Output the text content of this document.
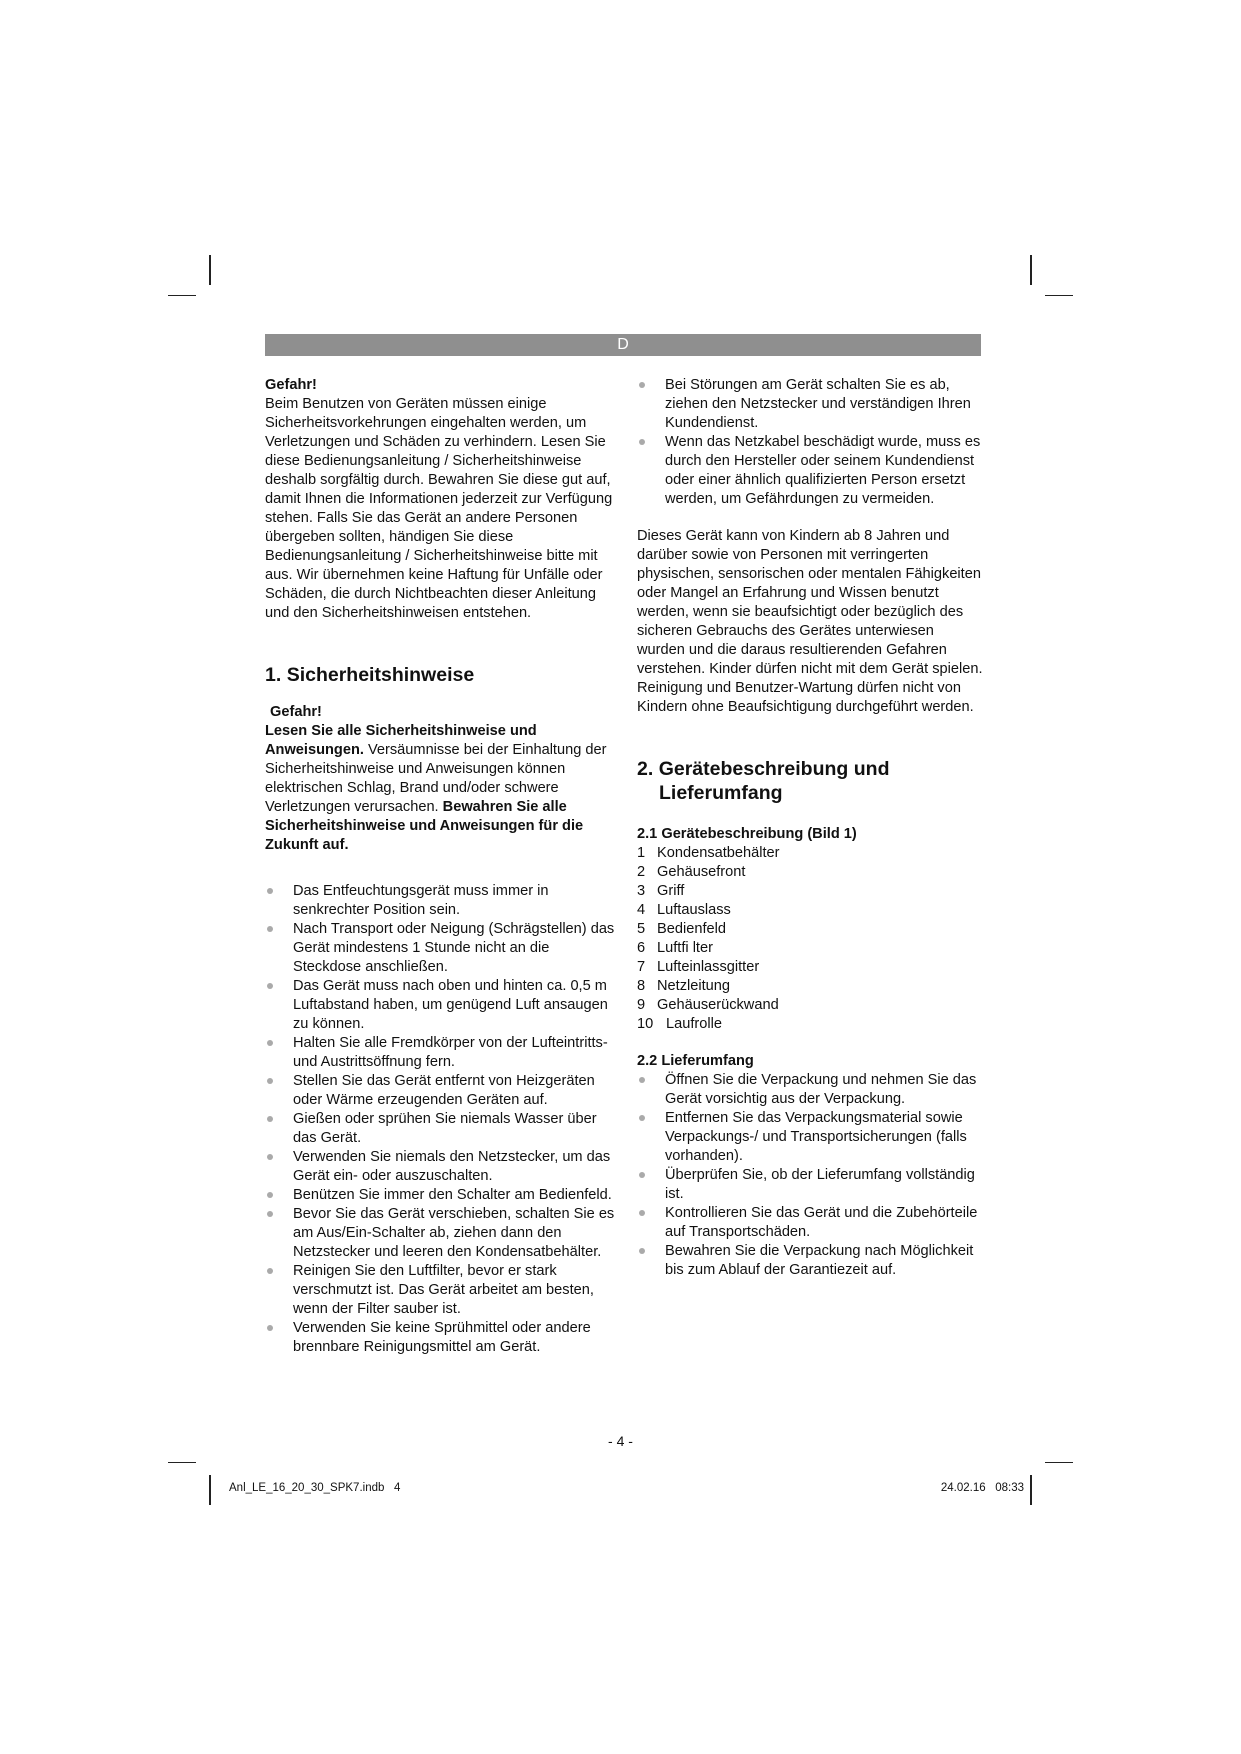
D

Gefahr!

Beim Benutzen von Geräten müssen einige Sicherheitsvorkehrungen eingehalten werden, um Verletzungen und Schäden zu verhindern. Lesen Sie diese Bedienungsanleitung / Sicherheitshinweise deshalb sorgfältig durch. Bewahren Sie diese gut auf, damit Ihnen die Informationen jederzeit zur Verfügung stehen. Falls Sie das Gerät an andere Personen übergeben sollten, händigen Sie diese Bedienungsanleitung / Sicherheitshinweise bitte mit aus. Wir übernehmen keine Haftung für Unfälle oder Schäden, die durch Nichtbeachten dieser Anleitung und den Sicherheitshinweisen entstehen.

1. Sicherheitshinweise

Gefahr!

Lesen Sie alle Sicherheitshinweise und Anweisungen. Versäumnisse bei der Einhaltung der Sicherheitshinweise und Anweisungen können elektrischen Schlag, Brand und/oder schwere Verletzungen verursachen. Bewahren Sie alle Sicherheitshinweise und Anweisungen für die Zukunft auf.

Das Entfeuchtungsgerät muss immer in senkrechter Position sein.
Nach Transport oder Neigung (Schrägstellen) das Gerät mindestens 1 Stunde nicht an die Steckdose anschließen.
Das Gerät muss nach oben und hinten ca. 0,5 m Luftabstand haben, um genügend Luft ansaugen zu können.
Halten Sie alle Fremdkörper von der Lufteintritts- und Austrittsöffnung fern.
Stellen Sie das Gerät entfernt von Heizgeräten oder Wärme erzeugenden Geräten auf.
Gießen oder sprühen Sie niemals Wasser über das Gerät.
Verwenden Sie niemals den Netzstecker, um das Gerät ein- oder auszuschalten.
Benützen Sie immer den Schalter am Bedienfeld.
Bevor Sie das Gerät verschieben, schalten Sie es am Aus/Ein-Schalter ab, ziehen dann den Netzstecker und leeren den Kondensatbehälter.
Reinigen Sie den Luftfilter, bevor er stark verschmutzt ist. Das Gerät arbeitet am besten, wenn der Filter sauber ist.
Verwenden Sie keine Sprühmittel oder andere brennbare Reinigungsmittel am Gerät.
Bei Störungen am Gerät schalten Sie es ab, ziehen den Netzstecker und verständigen Ihren Kundendienst.
Wenn das Netzkabel beschädigt wurde, muss es durch den Hersteller oder seinem Kundendienst oder einer ähnlich qualifizierten Person ersetzt werden, um Gefährdungen zu vermeiden.

Dieses Gerät kann von Kindern ab 8 Jahren und darüber sowie von Personen mit verringerten physischen, sensorischen oder mentalen Fähigkeiten oder Mangel an Erfahrung und Wissen benutzt werden, wenn sie beaufsichtigt oder bezüglich des sicheren Gebrauchs des Gerätes unterwiesen wurden und die daraus resultierenden Gefahren verstehen. Kinder dürfen nicht mit dem Gerät spielen. Reinigung und Benutzer-Wartung dürfen nicht von Kindern ohne Beaufsichtigung durchgeführt werden.

2. Gerätebeschreibung und
Lieferumfang

2.1 Gerätebeschreibung (Bild 1)

1 Kondensatbehälter
2 Gehäusefront
3 Griff
4 Luftauslass
5 Bedienfeld
6 Luftfi lter
7 Lufteinlassgitter
8 Netzleitung
9 Gehäuserückwand
10 Laufrolle

2.2 Lieferumfang

Öffnen Sie die Verpackung und nehmen Sie das Gerät vorsichtig aus der Verpackung.
Entfernen Sie das Verpackungsmaterial sowie Verpackungs-/ und Transportsicherungen (falls vorhanden).
Überprüfen Sie, ob der Lieferumfang vollständig ist.
Kontrollieren Sie das Gerät und die Zubehörteile auf Transportschäden.
Bewahren Sie die Verpackung nach Möglichkeit bis zum Ablauf der Garantiezeit auf.
- 4 -
Anl_LE_16_20_30_SPK7.indb   4	24.02.16   08:33
